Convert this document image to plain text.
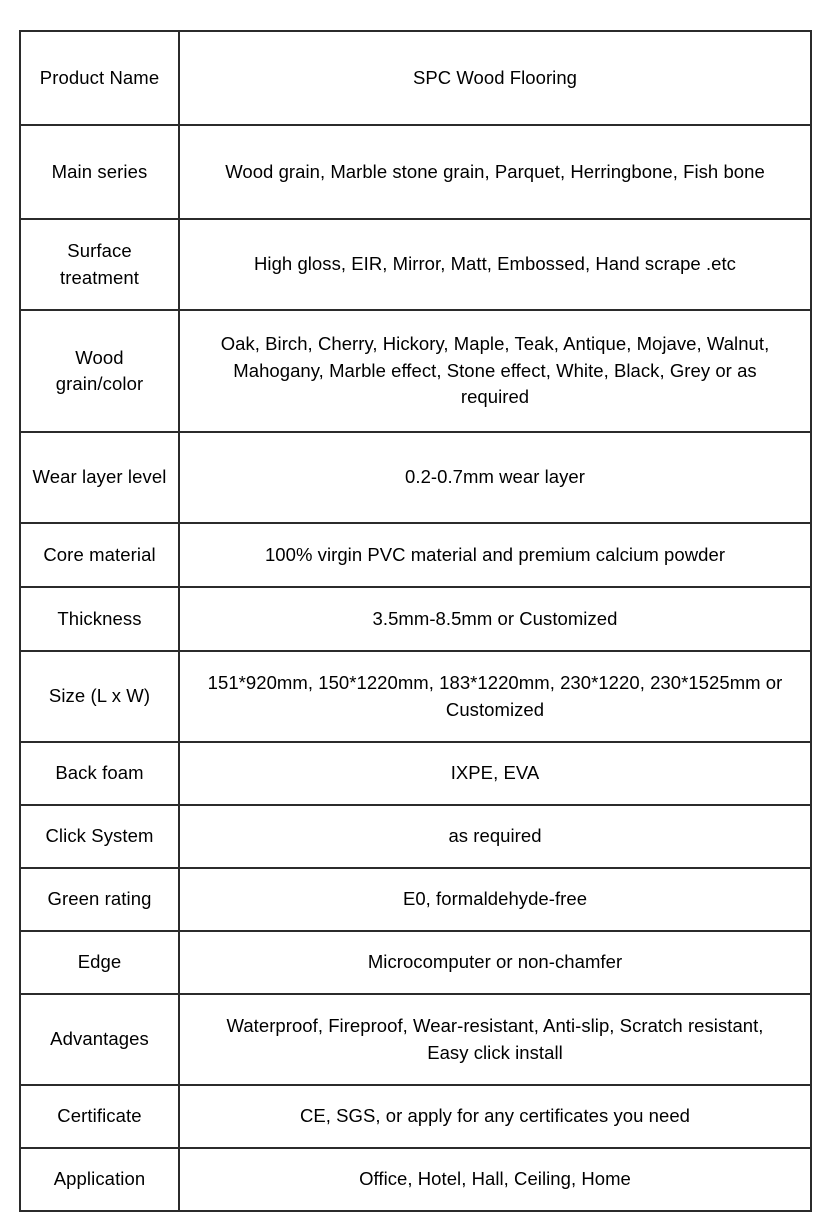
Product Name	SPC Wood Flooring
Main series	Wood grain, Marble stone grain, Parquet, Herringbone, Fish bone
Surface treatment	High gloss, EIR, Mirror, Matt, Embossed, Hand scrape .etc
Wood grain/color	Oak, Birch, Cherry, Hickory, Maple, Teak, Antique, Mojave, Walnut, Mahogany, Marble effect, Stone effect, White, Black, Grey or as required
Wear layer level	0.2-0.7mm wear layer
Core material	100% virgin PVC material and premium calcium powder
Thickness	3.5mm-8.5mm or Customized
Size (L x W)	151*920mm, 150*1220mm, 183*1220mm, 230*1220, 230*1525mm or Customized
Back foam	IXPE, EVA
Click System	as required
Green rating	E0, formaldehyde-free
Edge	Microcomputer or non-chamfer
Advantages	Waterproof, Fireproof, Wear-resistant, Anti-slip, Scratch resistant, Easy click install
Certificate	CE, SGS, or apply for any certificates you need
Application	Office, Hotel, Hall, Ceiling, Home
